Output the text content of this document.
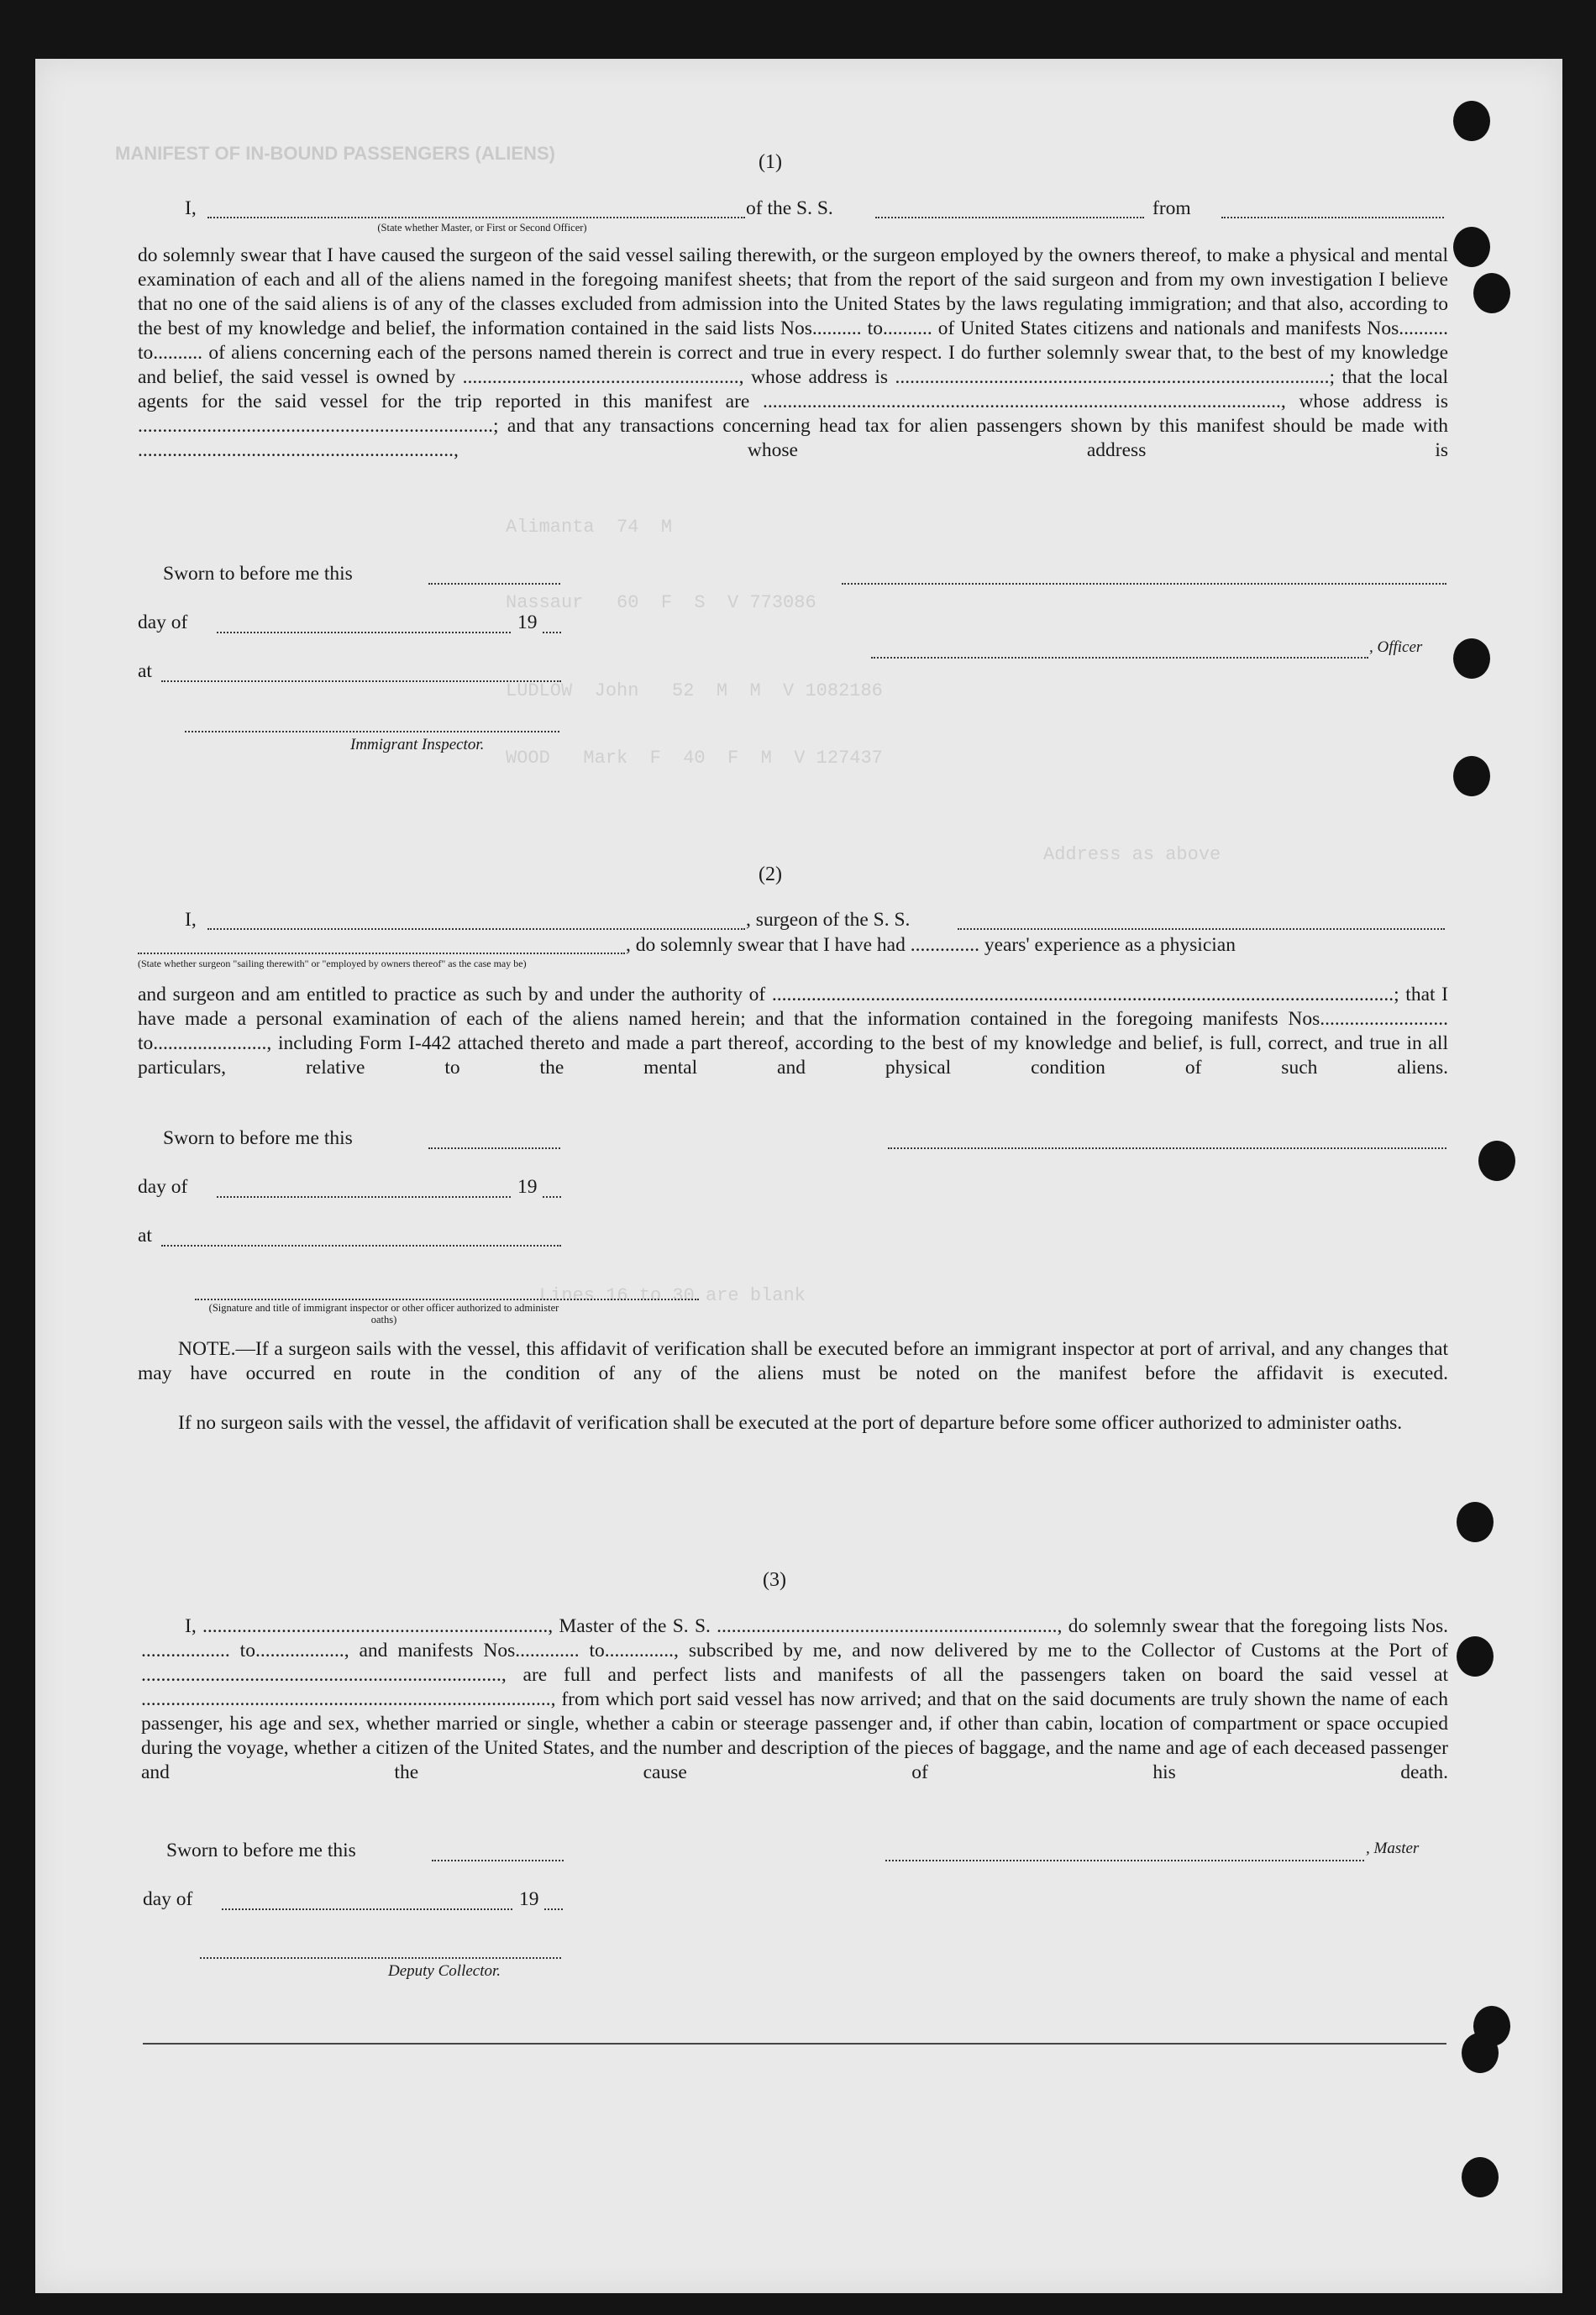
MANIFEST OF IN-BOUND PASSENGERS (ALIENS)
Alimanta  74  M
Nassaur   60  F  S  V 773086
LUDLOW  John   52  M  M  V 1082186
WOOD   Mark  F  40  F  M  V 127437
Address as above
Lines 16 to 30 are blank
(1)
I,	of the S. S.	from
(State whether Master, or First or Second Officer)

do solemnly swear that I have caused the surgeon of the said vessel sailing therewith, or the surgeon employed by the owners thereof, to make a physical and mental examination of each and all of the aliens named in the foregoing manifest sheets; that from the report of the said surgeon and from my own investigation I believe that no one of the said aliens is of any of the classes excluded from admission into the United States by the laws regulating immigration; and that also, according to the best of my knowledge and belief, the information contained in the said lists Nos.......... to.......... of United States citizens and nationals and manifests Nos.......... to.......... of aliens concerning each of the persons named therein is correct and true in every respect. I do further solemnly swear that, to the best of my knowledge and belief, the said vessel is owned by ........................................................, whose address is ........................................................................................; that the local agents for the said vessel for the trip reported in this manifest are ........................................................................................................., whose address is ........................................................................; and that any transactions concerning head tax for alien passengers shown by this manifest should be made with ................................................................, whose address is

Sworn to before me this
day of	19
at
Immigrant Inspector.
, Officer
(2)
I,	, surgeon of the S. S.
, do solemnly swear that I have had .............. years' experience as a physician
(State whether surgeon "sailing therewith" or "employed by owners thereof" as the case may be)

and surgeon and am entitled to practice as such by and under the authority of ..............................................................................................................................; that I have made a personal examination of each of the aliens named herein; and that the information contained in the foregoing manifests Nos.......................... to......................., including Form I-442 attached thereto and made a part thereof, according to the best of my knowledge and belief, is full, correct, and true in all particulars, relative to the mental and physical condition of such aliens.

Sworn to before me this
day of	19
at
(Signature and title of immigrant inspector or other officer authorized to administer oaths)

NOTE.—If a surgeon sails with the vessel, this affidavit of verification shall be executed before an immigrant inspector at port of arrival, and any changes that may have occurred en route in the condition of any of the aliens must be noted on the manifest before the affidavit is executed.

If no surgeon sails with the vessel, the affidavit of verification shall be executed at the port of departure before some officer authorized to administer oaths.

(3)

I, ......................................................................, Master of the S. S. ....................................................................., do solemnly swear that the foregoing lists Nos. .................. to.................., and manifests Nos............. to.............., subscribed by me, and now delivered by me to the Collector of Customs at the Port of ........................................................................., are full and perfect lists and manifests of all the passengers taken on board the said vessel at ..................................................................................., from which port said vessel has now arrived; and that on the said documents are truly shown the name of each passenger, his age and sex, whether married or single, whether a cabin or steerage passenger and, if other than cabin, location of compartment or space occupied during the voyage, whether a citizen of the United States, and the number and description of the pieces of baggage, and the name and age of each deceased passenger and the cause of his death.

Sworn to before me this
day of	19
, Master
Deputy Collector.
